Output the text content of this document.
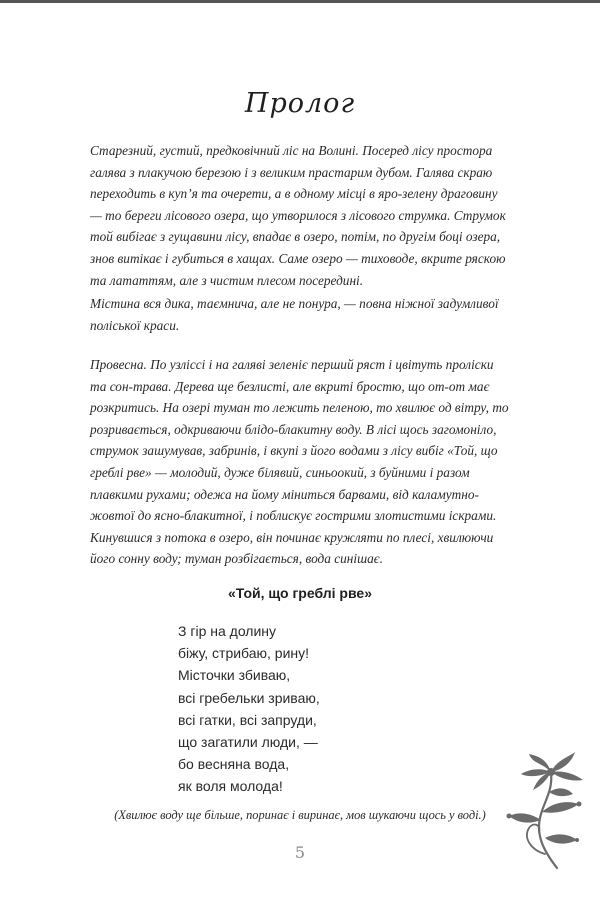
Пролог

Старезний, густий, предковічний ліс на Волині. Посеред лісу простора галява з плакучою березою і з великим прастарим дубом. Галява скраю переходить в куп’я та очерети, а в одному місці в яро-зелену драговину — то береги лісового озера, що утворилося з лісового струмка. Струмок той вибігає з гущавини лісу, впадає в озеро, потім, по другім боці озера, знов витікає і губиться в хащах. Саме озеро — тиховоде, вкрите ряскою та лататтям, але з чистим плесом посередині.

Містина вся дика, таємнича, але не понура, — повна ніжної задумливої поліської краси.

Провесна. По узліссі і на галяві зеленіє перший ряст і цвітуть проліски та сон-трава. Дерева ще безлисті, але вкриті бростю, що от-от має розкритись. На озері туман то лежить пеленою, то хвилює од вітру, то розривається, одкриваючи блідо-блакитну воду. В лісі щось загомоніло, струмок зашумував, забринів, і вкупі з його водами з лісу вибіг «Той, що греблі рве» — молодий, дуже білявий, синьоокий, з буйними і разом плавкими рухами; одежа на йому міниться барвами, від каламутно-жовтої до ясно-блакитної, і поблискує гострими злотистими іскрами. Кинувшися з потока в озеро, він починає кружляти по плесі, хвилюючи його сонну воду; туман розбігається, вода синішає.

«Той, що греблі рве»
З гір на долину
біжу, стрибаю, рину!
Місточки збиваю,
всі гребельки зриваю,
всі гатки, всі запруди,
що загатили люди, —
бо весняна вода,
як воля молода!

(Хвилює воду ще більше, поринає і виринає, мов шукаючи щось у воді.)

5
